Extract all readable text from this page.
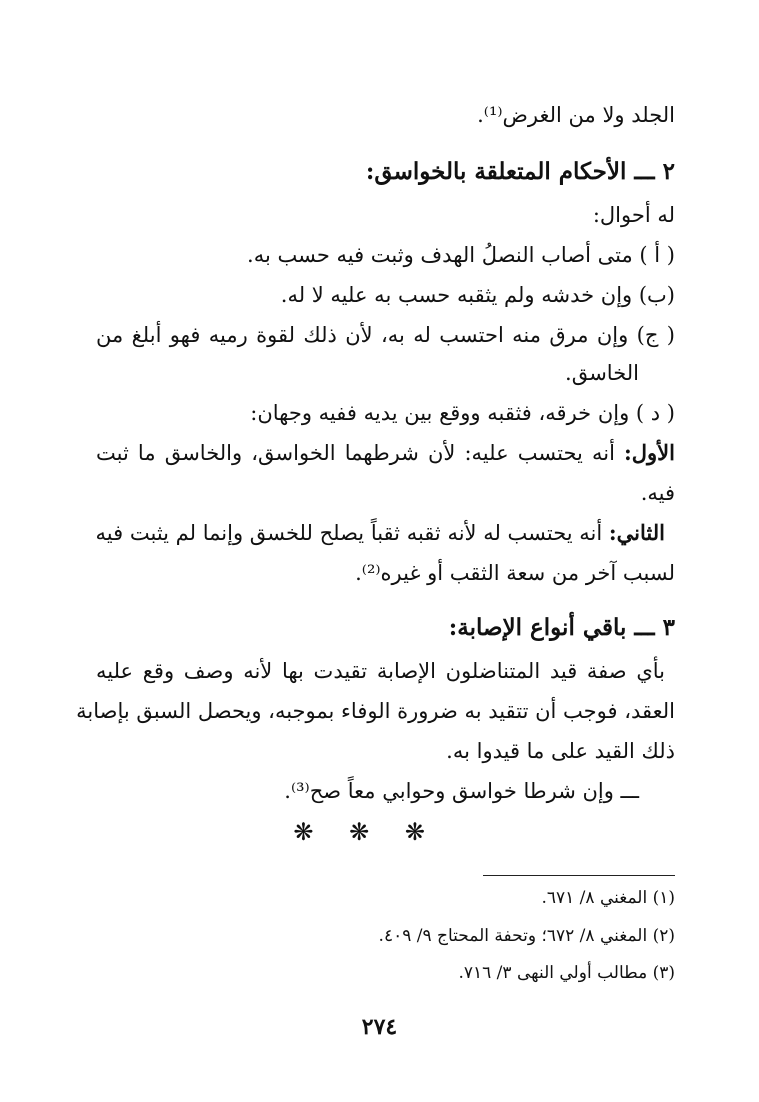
الجلد ولا من الغرض⁽¹⁾.
٢ ـــ الأحكام المتعلقة بالخواسق:
له أحوال:
( أ ) متى أصاب النصلُ الهدف وثبت فيه حسب به.
(ب) وإن خدشه ولم يثقبه حسب به عليه لا له.
( ج) وإن مرق منه احتسب له به، لأن ذلك لقوة رميه فهو أبلغ من
الخاسق.
( د ) وإن خرقه، فثقبه ووقع بين يديه ففيه وجهان:
الأول: أنه يحتسب عليه: لأن شرطهما الخواسق، والخاسق ما ثبت
فيه.
الثاني: أنه يحتسب له لأنه ثقبه ثقباً يصلح للخسق وإنما لم يثبت فيه
لسبب آخر من سعة الثقب أو غيره⁽²⁾.
٣ ـــ باقي أنواع الإصابة:
بأي صفة قيد المتناضلون الإصابة تقيدت بها لأنه وصف وقع عليه
العقد، فوجب أن تتقيد به ضرورة الوفاء بموجبه، ويحصل السبق بإصابة
ذلك القيد على ما قيدوا به.
ـــ وإن شرطا خواسق وحوابي معاً صح⁽³⁾.
❋ ❋ ❋
(١) المغني ٨/ ٦٧١.
(٢) المغني ٨/ ٦٧٢؛ وتحفة المحتاج ٩/ ٤٠٩.
(٣) مطالب أولي النهى ٣/ ٧١٦.
٢٧٤
